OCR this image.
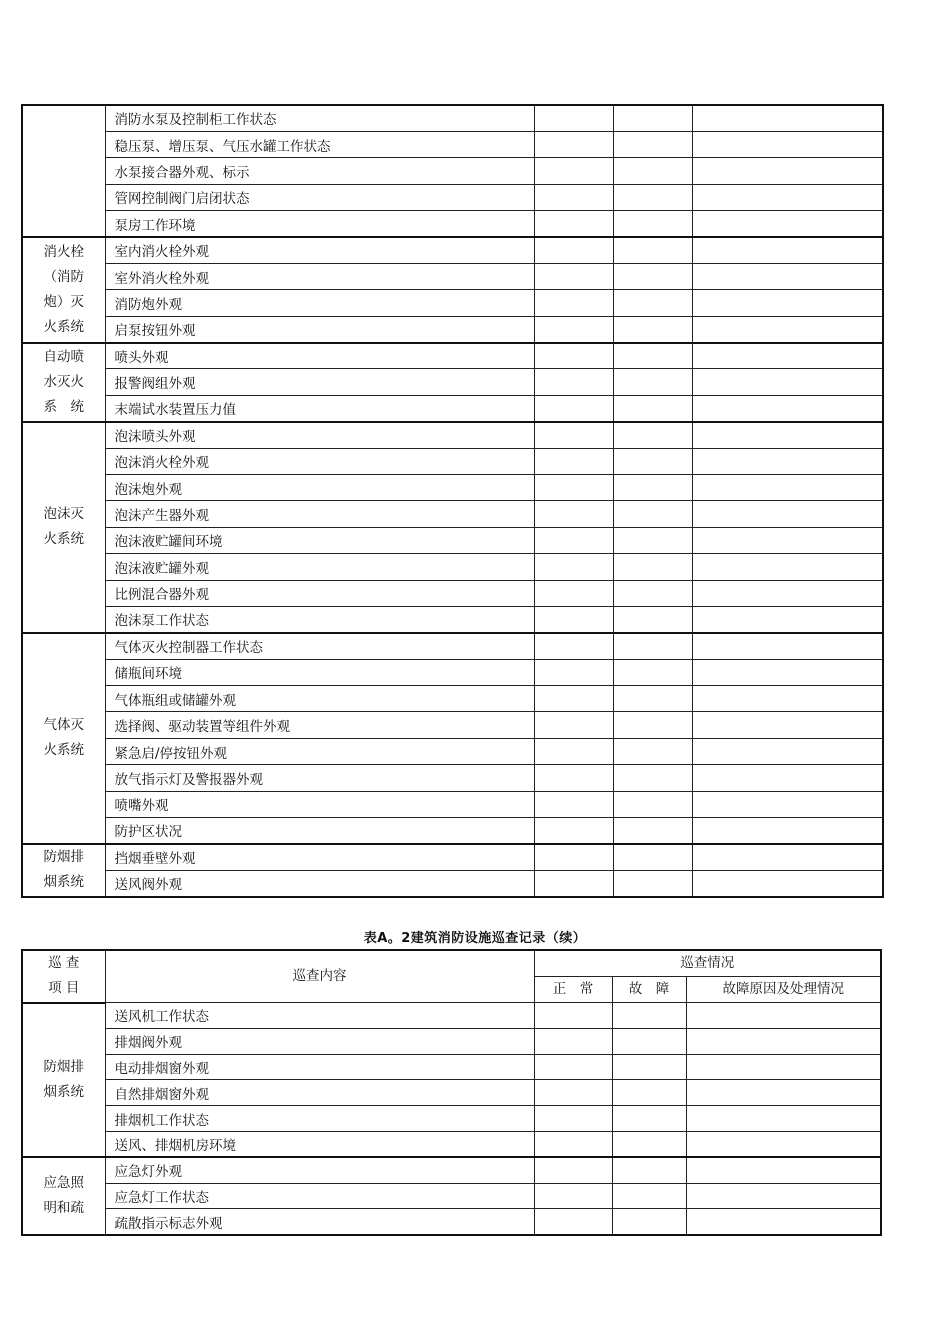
	消防水泵及控制柜工作状态			
	稳压泵、增压泵、气压水罐工作状态			
	水泵接合器外观、标示			
	管网控制阀门启闭状态			
	泵房工作环境			

消火栓
（消防
炮）灭
火系统	室内消火栓外观			
	室外消火栓外观			
	消防炮外观			
	启泵按钮外观			

自动喷
水灭火
系　统	喷头外观			
	报警阀组外观			
	末端试水装置压力值			

泡沫灭
火系统	泡沫喷头外观			
	泡沫消火栓外观			
	泡沫炮外观			
	泡沫产生器外观			
	泡沫液贮罐间环境			
	泡沫液贮罐外观			
	比例混合器外观			
	泡沫泵工作状态			

气体灭
火系统	气体灭火控制器工作状态			
	储瓶间环境			
	气体瓶组或储罐外观			
	选择阀、驱动装置等组件外观			
	紧急启/停按钮外观			
	放气指示灯及警报器外观			
	喷嘴外观			
	防护区状况			

防烟排
烟系统	挡烟垂壁外观			
	送风阀外观			
表A。2建筑消防设施巡查记录（续）
巡 查
项 目	巡查内容	巡查情况		
		正　常	故　障	故障原因及处理情况

防烟排
烟系统	送风机工作状态			
	排烟阀外观			
	电动排烟窗外观			
	自然排烟窗外观			
	排烟机工作状态			
	送风、排烟机房环境			

应急照
明和疏	应急灯外观			
	应急灯工作状态			
	疏散指示标志外观			
